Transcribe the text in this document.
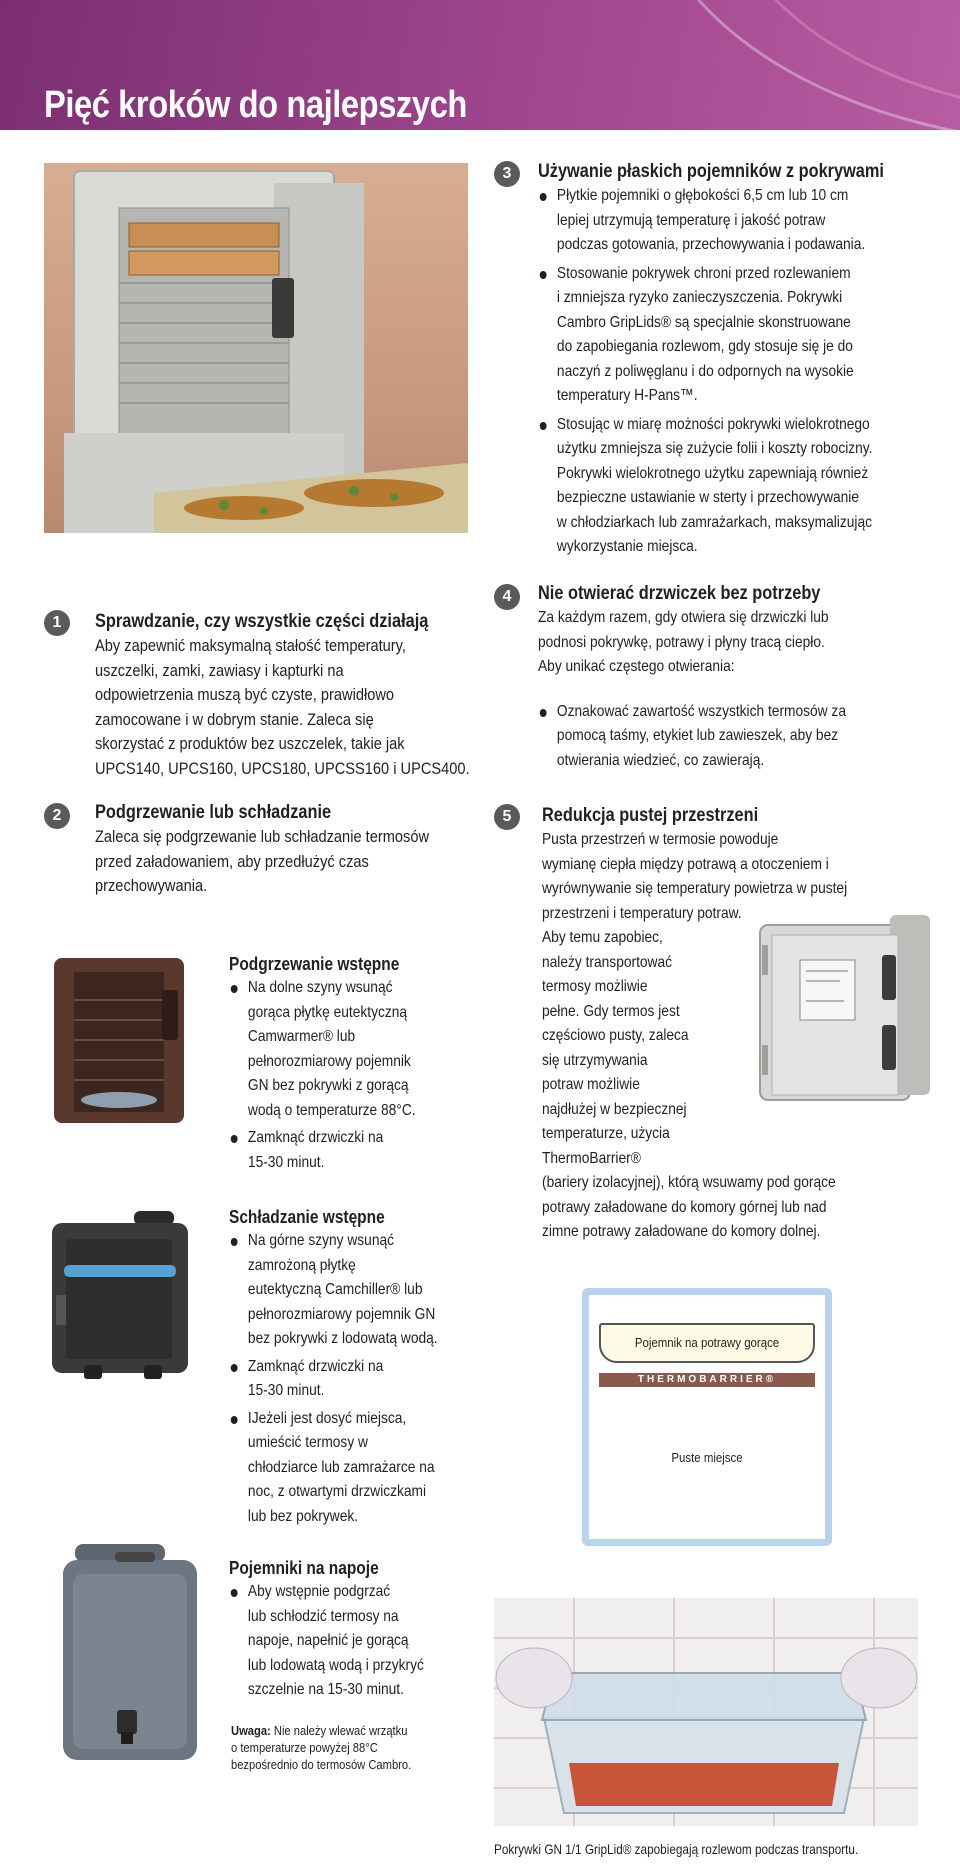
Pięć kroków do najlepszych
3	Używanie płaskich pojemników z pokrywami
Płytkie pojemniki o głębokości 6,5 cm lub 10 cm
lepiej utrzymują temperaturę i jakość potraw
podczas gotowania, przechowywania i podawania.
Stosowanie pokrywek chroni przed rozlewaniem
i zmniejsza ryzyko zanieczyszczenia. Pokrywki
Cambro GripLids® są specjalnie skonstruowane
do zapobiegania rozlewom, gdy stosuje się je do
naczyń z poliwęglanu i do odpornych na wysokie
temperatury H-Pans™.
Stosując w miarę możności pokrywki wielokrotnego
użytku zmniejsza się zużycie folii i koszty robocizny.
Pokrywki wielokrotnego użytku zapewniają również
bezpieczne ustawianie w sterty i przechowywanie
w chłodziarkach lub zamrażarkach, maksymalizując
wykorzystanie miejsca.
1	Sprawdzanie, czy wszystkie części działają
Aby zapewnić maksymalną stałość temperatury,
uszczelki, zamki, zawiasy i kapturki na
odpowietrzenia muszą być czyste, prawidłowo
zamocowane i w dobrym stanie. Zaleca się
skorzystać z produktów bez uszczelek, takie jak
UPCS140, UPCS160, UPCS180, UPCSS160 i UPCS400.
2	Podgrzewanie lub schładzanie
Zaleca się podgrzewanie lub schładzanie termosów
przed załadowaniem, aby przedłużyć czas
przechowywania.
4	Nie otwierać drzwiczek bez potrzeby
Za każdym razem, gdy otwiera się drzwiczki lub
podnosi pokrywkę, potrawy i płyny tracą ciepło.
Aby unikać częstego otwierania:
Oznakować zawartość wszystkich termosów za
pomocą taśmy, etykiet lub zawieszek, aby bez
otwierania wiedzieć, co zawierają.
5	Redukcja pustej przestrzeni
Pusta przestrzeń w termosie powoduje
wymianę ciepła między potrawą a otoczeniem i
wyrównywanie się temperatury powietrza w pustej
przestrzeni i temperatury potraw.
Aby temu zapobiec,
należy transportować
termosy możliwie
pełne. Gdy termos jest
częściowo pusty, zaleca
się utrzymywania
potraw możliwie
najdłużej w bezpiecznej
temperaturze, użycia
ThermoBarrier®
(bariery izolacyjnej), którą wsuwamy pod gorące
potrawy załadowane do komory górnej lub nad
zimne potrawy załadowane do komory dolnej.
Podgrzewanie wstępne
Na dolne szyny wsunąć
gorąca płytkę eutektyczną
Camwarmer® lub
pełnorozmiarowy pojemnik
GN bez pokrywki z gorącą
wodą o temperaturze 88°C.
Zamknąć drzwiczki na
15-30 minut.
Schładzanie wstępne
Na górne szyny wsunąć
zamrożoną płytkę
eutektyczną Camchiller® lub
pełnorozmiarowy pojemnik GN
bez pokrywki z lodowatą wodą.
Zamknąć drzwiczki na
15-30 minut.
IJeżeli jest dosyć miejsca,
umieścić termosy w
chłodziarce lub zamrażarce na
noc, z otwartymi drzwiczkami
lub bez pokrywek.
Pojemnik na potrawy gorące
THERMOBARRIER®
Puste miejsce
Pojemniki na napoje
Aby wstępnie podgrzać
lub schłodzić termosy na
napoje, napełnić je gorącą
lub lodowatą wodą i przykryć
szczelnie na 15-30 minut.
Uwaga: Nie należy wlewać wrzątku
o temperaturze powyżej 88°C
bezpośrednio do termosów Cambro.
Pokrywki GN 1/1 GripLid® zapobiegają rozlewom podczas transportu.
